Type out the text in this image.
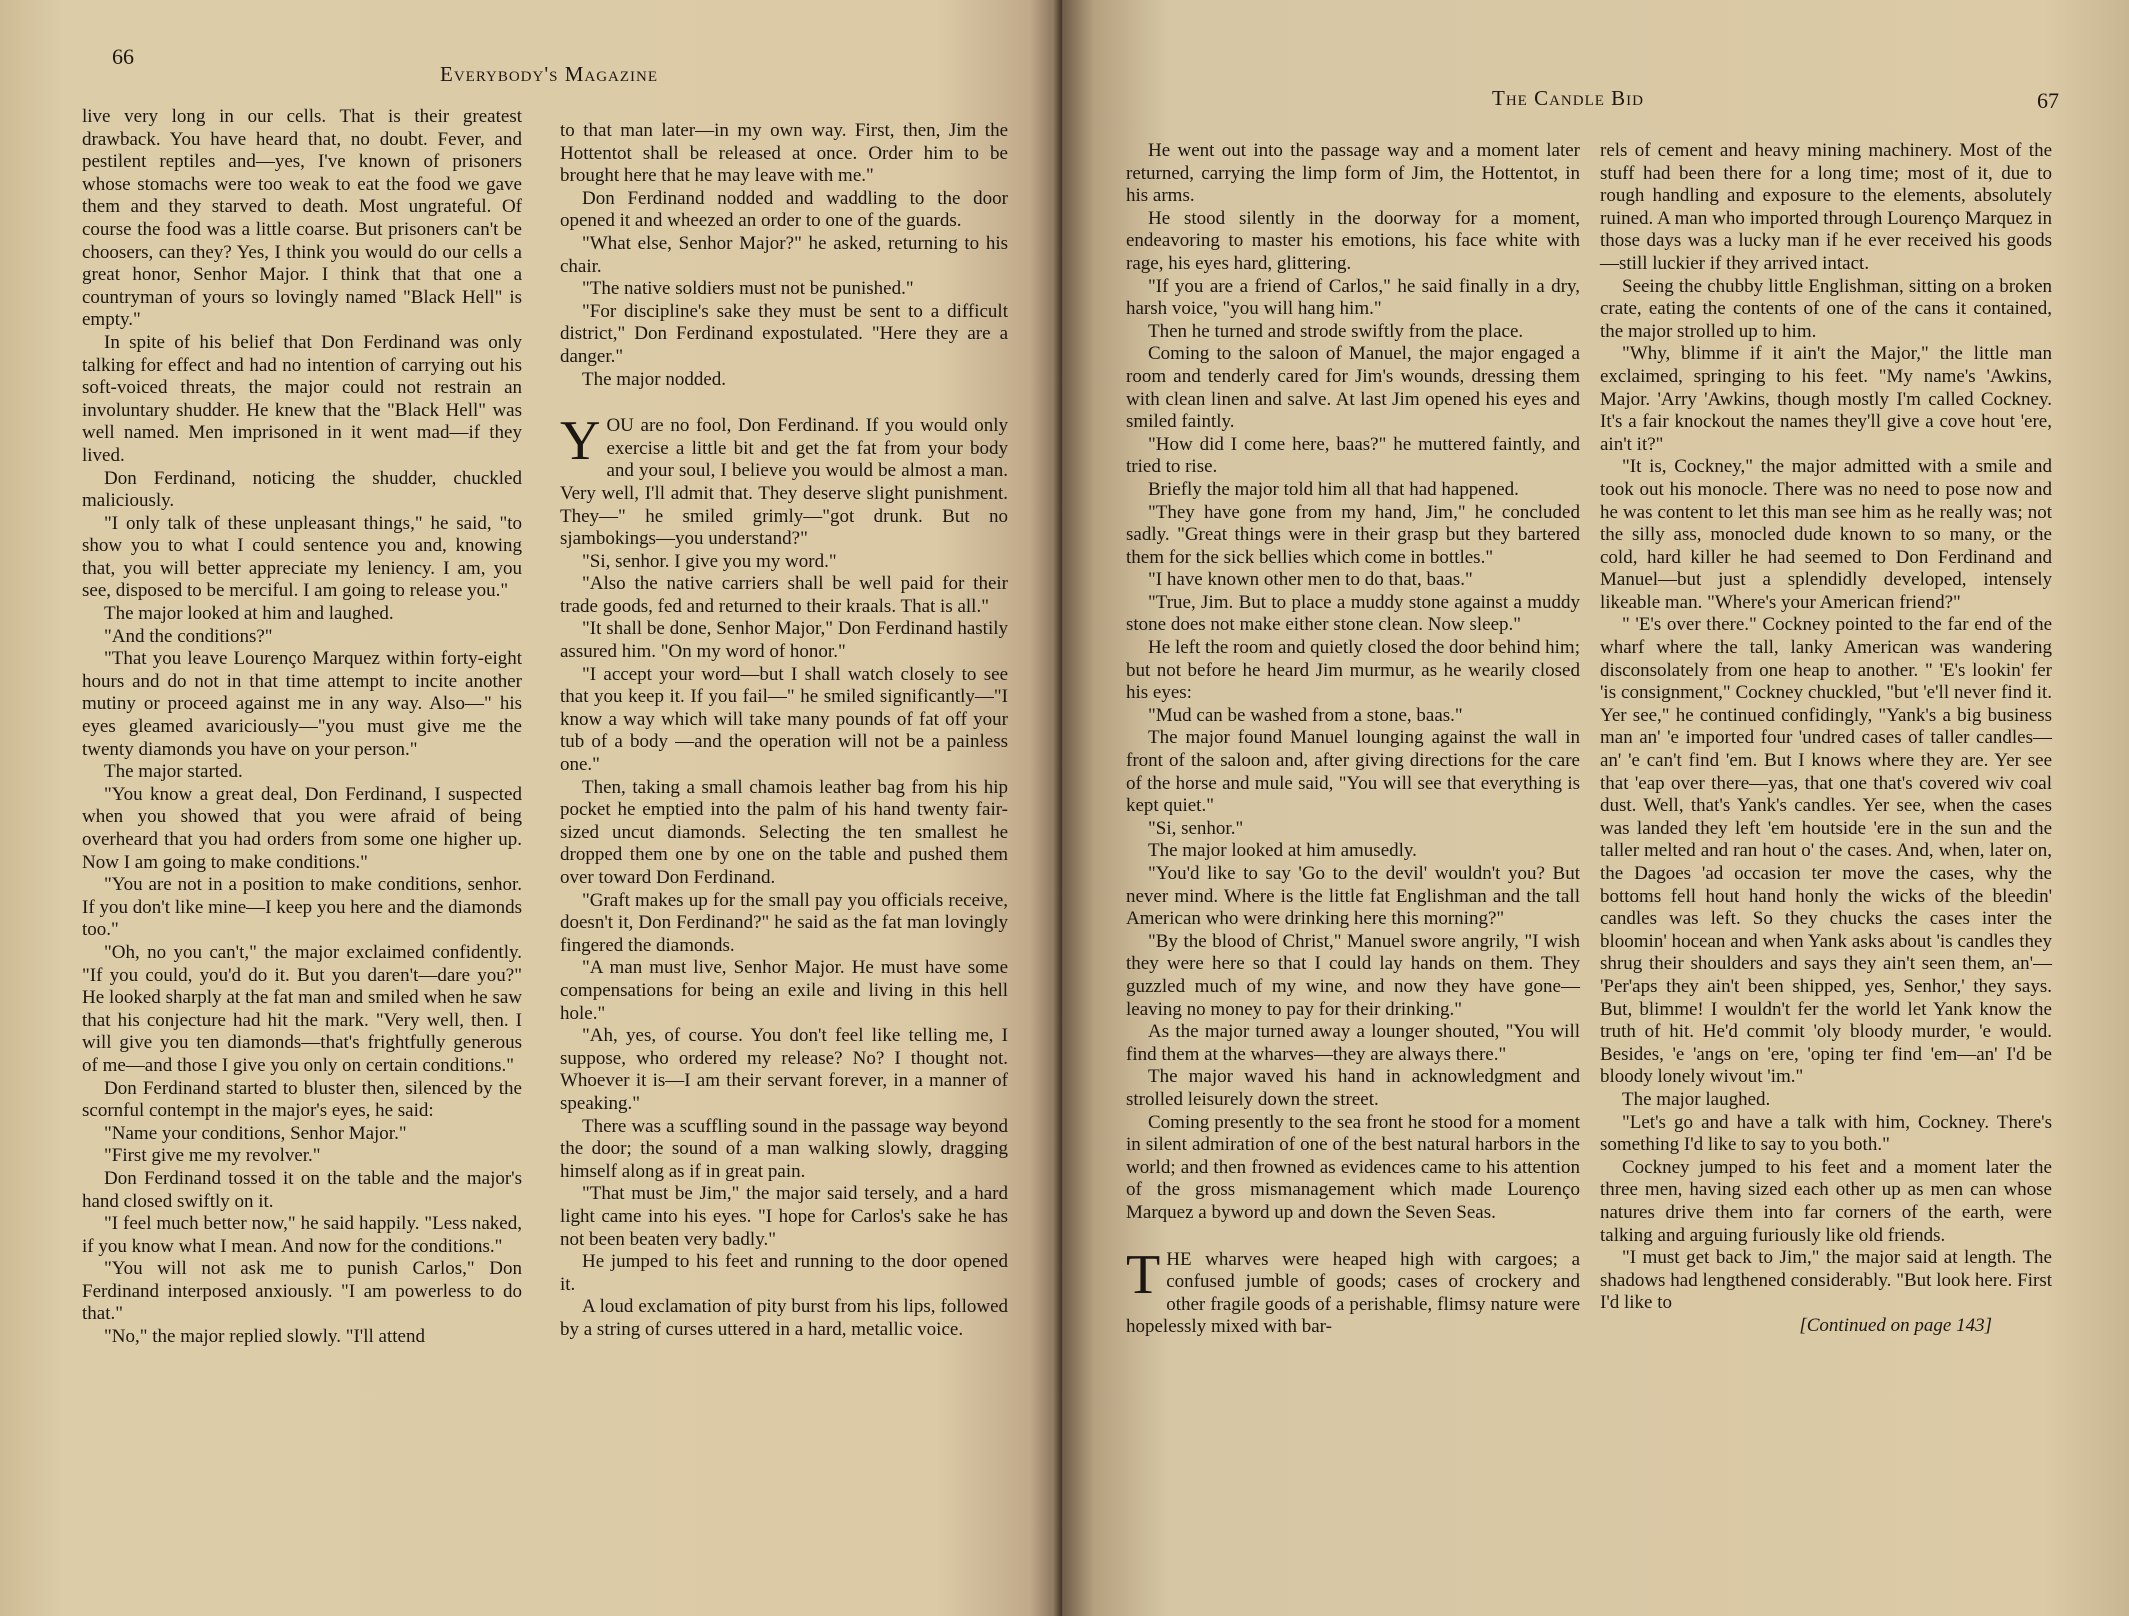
66
Everybody's Magazine

live very long in our cells. That is their greatest drawback. You have heard that, no doubt. Fever, and pestilent reptiles and—yes, I've known of prisoners whose stomachs were too weak to eat the food we gave them and they starved to death. Most ungrateful. Of course the food was a little coarse. But prisoners can't be choosers, can they? Yes, I think you would do our cells a great honor, Senhor Major. I think that that one a countryman of yours so lovingly named "Black Hell" is empty."

In spite of his belief that Don Ferdinand was only talking for effect and had no intention of carrying out his soft-voiced threats, the major could not restrain an involuntary shudder. He knew that the "Black Hell" was well named. Men imprisoned in it went mad—if they lived.

Don Ferdinand, noticing the shudder, chuckled maliciously.

"I only talk of these unpleasant things," he said, "to show you to what I could sentence you and, knowing that, you will better appreciate my leniency. I am, you see, disposed to be merciful. I am going to release you."

The major looked at him and laughed.

"And the conditions?"

"That you leave Lourenço Marquez within forty-eight hours and do not in that time attempt to incite another mutiny or proceed against me in any way. Also—" his eyes gleamed avariciously—"you must give me the twenty diamonds you have on your person."

The major started.

"You know a great deal, Don Ferdinand, I suspected when you showed that you were afraid of being overheard that you had orders from some one higher up. Now I am going to make conditions."

"You are not in a position to make conditions, senhor. If you don't like mine—I keep you here and the diamonds too."

"Oh, no you can't," the major exclaimed confidently. "If you could, you'd do it. But you daren't—dare you?" He looked sharply at the fat man and smiled when he saw that his conjecture had hit the mark. "Very well, then. I will give you ten diamonds—that's frightfully generous of me—and those I give you only on certain conditions."

Don Ferdinand started to bluster then, silenced by the scornful contempt in the major's eyes, he said:

"Name your conditions, Senhor Major."

"First give me my revolver."

Don Ferdinand tossed it on the table and the major's hand closed swiftly on it.

"I feel much better now," he said happily. "Less naked, if you know what I mean. And now for the conditions."

"You will not ask me to punish Carlos," Don Ferdinand interposed anxiously. "I am powerless to do that."

"No," the major replied slowly. "I'll attend

to that man later—in my own way. First, then, Jim the Hottentot shall be released at once. Order him to be brought here that he may leave with me."

Don Ferdinand nodded and waddling to the door opened it and wheezed an order to one of the guards.

"What else, Senhor Major?" he asked, returning to his chair.

"The native soldiers must not be punished."

"For discipline's sake they must be sent to a difficult district," Don Ferdinand expostulated. "Here they are a danger."

The major nodded.

YOU are no fool, Don Ferdinand. If you would only exercise a little bit and get the fat from your body and your soul, I believe you would be almost a man. Very well, I'll admit that. They deserve slight punishment. They—" he smiled grimly—"got drunk. But no sjambokings—you understand?"

"Si, senhor. I give you my word."

"Also the native carriers shall be well paid for their trade goods, fed and returned to their kraals. That is all."

"It shall be done, Senhor Major," Don Ferdinand hastily assured him. "On my word of honor."

"I accept your word—but I shall watch closely to see that you keep it. If you fail—" he smiled significantly—"I know a way which will take many pounds of fat off your tub of a body —and the operation will not be a painless one."

Then, taking a small chamois leather bag from his hip pocket he emptied into the palm of his hand twenty fair-sized uncut diamonds. Selecting the ten smallest he dropped them one by one on the table and pushed them over toward Don Ferdinand.

"Graft makes up for the small pay you officials receive, doesn't it, Don Ferdinand?" he said as the fat man lovingly fingered the diamonds.

"A man must live, Senhor Major. He must have some compensations for being an exile and living in this hell hole."

"Ah, yes, of course. You don't feel like telling me, I suppose, who ordered my release? No? I thought not. Whoever it is—I am their servant forever, in a manner of speaking."

There was a scuffling sound in the passage way beyond the door; the sound of a man walking slowly, dragging himself along as if in great pain.

"That must be Jim," the major said tersely, and a hard light came into his eyes. "I hope for Carlos's sake he has not been beaten very badly."

He jumped to his feet and running to the door opened it.

A loud exclamation of pity burst from his lips, followed by a string of curses uttered in a hard, metallic voice.

The Candle Bid	67

He went out into the passage way and a moment later returned, carrying the limp form of Jim, the Hottentot, in his arms.

He stood silently in the doorway for a moment, endeavoring to master his emotions, his face white with rage, his eyes hard, glittering.

"If you are a friend of Carlos," he said finally in a dry, harsh voice, "you will hang him."

Then he turned and strode swiftly from the place.

Coming to the saloon of Manuel, the major engaged a room and tenderly cared for Jim's wounds, dressing them with clean linen and salve. At last Jim opened his eyes and smiled faintly.

"How did I come here, baas?" he muttered faintly, and tried to rise.

Briefly the major told him all that had happened.

"They have gone from my hand, Jim," he concluded sadly. "Great things were in their grasp but they bartered them for the sick bellies which come in bottles."

"I have known other men to do that, baas."

"True, Jim. But to place a muddy stone against a muddy stone does not make either stone clean. Now sleep."

He left the room and quietly closed the door behind him; but not before he heard Jim murmur, as he wearily closed his eyes:

"Mud can be washed from a stone, baas."

The major found Manuel lounging against the wall in front of the saloon and, after giving directions for the care of the horse and mule said, "You will see that everything is kept quiet."

"Si, senhor."

The major looked at him amusedly.

"You'd like to say 'Go to the devil' wouldn't you? But never mind. Where is the little fat Englishman and the tall American who were drinking here this morning?"

"By the blood of Christ," Manuel swore angrily, "I wish they were here so that I could lay hands on them. They guzzled much of my wine, and now they have gone—leaving no money to pay for their drinking."

As the major turned away a lounger shouted, "You will find them at the wharves—they are always there."

The major waved his hand in acknowledgment and strolled leisurely down the street.

Coming presently to the sea front he stood for a moment in silent admiration of one of the best natural harbors in the world; and then frowned as evidences came to his attention of the gross mismanagement which made Lourenço Marquez a byword up and down the Seven Seas.

THE wharves were heaped high with cargoes; a confused jumble of goods; cases of crockery and other fragile goods of a perishable, flimsy nature were hopelessly mixed with bar-

rels of cement and heavy mining machinery. Most of the stuff had been there for a long time; most of it, due to rough handling and exposure to the elements, absolutely ruined. A man who imported through Lourenço Marquez in those days was a lucky man if he ever received his goods—still luckier if they arrived intact.

Seeing the chubby little Englishman, sitting on a broken crate, eating the contents of one of the cans it contained, the major strolled up to him.

"Why, blimme if it ain't the Major," the little man exclaimed, springing to his feet. "My name's 'Awkins, Major. 'Arry 'Awkins, though mostly I'm called Cockney. It's a fair knockout the names they'll give a cove hout 'ere, ain't it?"

"It is, Cockney," the major admitted with a smile and took out his monocle. There was no need to pose now and he was content to let this man see him as he really was; not the silly ass, monocled dude known to so many, or the cold, hard killer he had seemed to Don Ferdinand and Manuel—but just a splendidly developed, intensely likeable man. "Where's your American friend?"

" 'E's over there." Cockney pointed to the far end of the wharf where the tall, lanky American was wandering disconsolately from one heap to another. " 'E's lookin' fer 'is consignment," Cockney chuckled, "but 'e'll never find it. Yer see," he continued confidingly, "Yank's a big business man an' 'e imported four 'undred cases of taller candles—an' 'e can't find 'em. But I knows where they are. Yer see that 'eap over there—yas, that one that's covered wiv coal dust. Well, that's Yank's candles. Yer see, when the cases was landed they left 'em houtside 'ere in the sun and the taller melted and ran hout o' the cases. And, when, later on, the Dagoes 'ad occasion ter move the cases, why the bottoms fell hout hand honly the wicks of the bleedin' candles was left. So they chucks the cases inter the bloomin' hocean and when Yank asks about 'is candles they shrug their shoulders and says they ain't seen them, an'— 'Per'aps they ain't been shipped, yes, Senhor,' they says. But, blimme! I wouldn't fer the world let Yank know the truth of hit. He'd commit 'oly bloody murder, 'e would. Besides, 'e 'angs on 'ere, 'oping ter find 'em—an' I'd be bloody lonely wivout 'im."

The major laughed.

"Let's go and have a talk with him, Cockney. There's something I'd like to say to you both."

Cockney jumped to his feet and a moment later the three men, having sized each other up as men can whose natures drive them into far corners of the earth, were talking and arguing furiously like old friends.

"I must get back to Jim," the major said at length. The shadows had lengthened considerably. "But look here. First I'd like to

[Continued on page 143]
